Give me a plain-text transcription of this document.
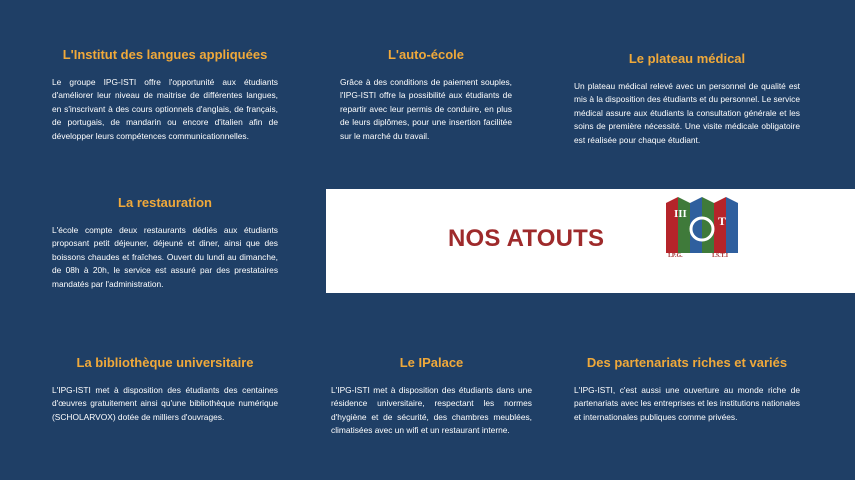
L'Institut des langues appliquées

Le groupe IPG-ISTI offre l'opportunité aux étudiants d'améliorer leur niveau de maitrise de différentes langues, en s'inscrivant à des cours optionnels d'anglais, de français, de portugais, de mandarin ou encore d'italien afin de développer leurs compétences communicationnelles.

L'auto-école

Grâce à des conditions de paiement souples, l'IPG-ISTI offre la possibilité aux étudiants de repartir avec leur permis de conduire, en plus de leurs diplômes, pour une insertion facilitée sur le marché du travail.

Le plateau médical

Un plateau médical relevé avec un personnel de qualité est mis à la disposition des étudiants et du personnel. Le service médical assure aux étudiants la consultation générale et les soins de première nécessité. Une visite médicale obligatoire est réalisée pour chaque étudiant.

La restauration

L'école compte deux restaurants dédiés aux étudiants proposant petit déjeuner, déjeuné et diner, ainsi que des boissons chaudes et fraîches. Ouvert du lundi au dimanche, de 08h à 20h, le service est assuré par des prestataires mandatés par l'administration.

La bibliothèque universitaire

L'IPG-ISTI met à disposition des étudiants des centaines d'œuvres gratuitement ainsi qu'une bibliothèque numérique (SCHOLARVOX) dotée de milliers d'ouvrages.

Le IPalace

L'IPG-ISTI met à disposition des étudiants dans une résidence universitaire, respectant les normes d'hygiène et de sécurité, des chambres meublées, climatisées avec un wifi et un restaurant interne.

Des partenariats riches et variés

L'IPG-ISTI, c'est aussi une ouverture au monde riche de partenariats avec les entreprises et les institutions nationales et internationales publiques comme privées.

NOS ATOUTS
III	T
I.P.G.	I.S.T.I
